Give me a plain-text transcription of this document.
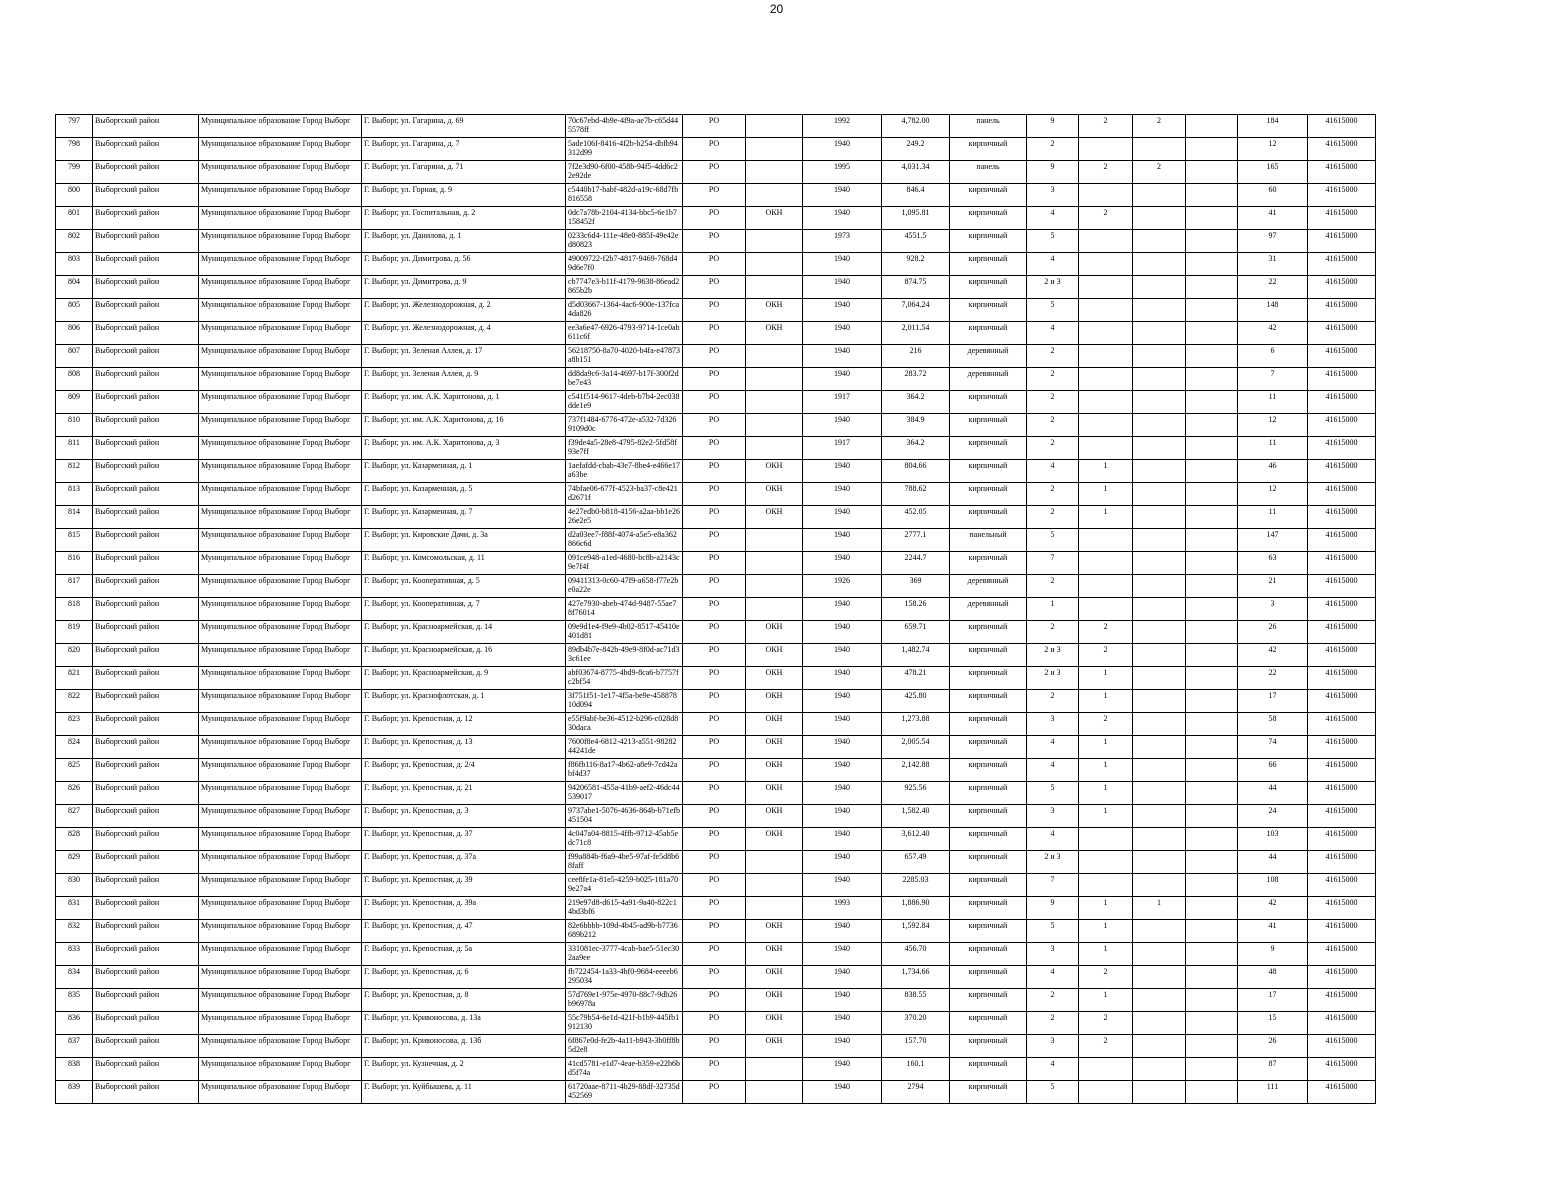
20
797	Выборгский район	Муниципальное образование Город Выборг	Г. Выборг, ул. Гагарина, д. 69	70c67ebd-4b9e-4f9a-ae7b-c65d445578ff	РО		1992	4,782.00	панель	9	2	2		184	41615000
798	Выборгский район	Муниципальное образование Город Выборг	Г. Выборг, ул. Гагарина, д. 7	5ade106f-8416-4f2b-b254-dbfb94312d99	РО		1940	249.2	кирпичный	2				12	41615000
799	Выборгский район	Муниципальное образование Город Выборг	Г. Выборг, ул. Гагарина, д. 71	7f2e3d90-6f00-458b-94f5-4dd6c22e92de	РО		1995	4,031.34	панель	9	2	2		165	41615000
800	Выборгский район	Муниципальное образование Город Выборг	Г. Выборг, ул. Горная, д. 9	c5440b17-babf-482d-a19c-68d7fb816558	РО		1940	846.4	кирпичный	3				60	41615000
801	Выборгский район	Муниципальное образование Город Выборг	Г. Выборг, ул. Госпитальная, д. 2	0dc7a78b-2104-4134-bbc5-6e1b7158452f	РО	ОКН	1940	1,095.81	кирпичный	4	2			41	41615000
802	Выборгский район	Муниципальное образование Город Выборг	Г. Выборг, ул. Данилова, д. 1	0233c6d4-111e-48e0-885f-49e42ed80823	РО		1973	4551.5	кирпичный	5				97	41615000
803	Выборгский район	Муниципальное образование Город Выборг	Г. Выборг, ул. Димитрова, д. 56	49009722-f2b7-4817-9469-768d49d6e7f0	РО		1940	928.2	кирпичный	4				31	41615000
804	Выборгский район	Муниципальное образование Город Выборг	Г. Выборг, ул. Димитрова, д. 9	cb7747e3-b11f-4179-9638-86ead2865b2b	РО		1940	874.75	кирпичный	2 и 3				22	41615000
805	Выборгский район	Муниципальное образование Город Выборг	Г. Выборг, ул. Железнодорожная, д. 2	d5d03667-1364-4ac6-900e-137fca4da826	РО	ОКН	1940	7,064.24	кирпичный	5				148	41615000
806	Выборгский район	Муниципальное образование Город Выборг	Г. Выборг, ул. Железнодорожная, д. 4	ee3a6e47-6926-4793-9714-1ce0ab611c6f	РО	ОКН	1940	2,011.54	кирпичный	4				42	41615000
807	Выборгский район	Муниципальное образование Город Выборг	Г. Выборг, ул. Зеленая Аллея, д. 17	56218750-8a70-4020-b4fa-e47873a8b151	РО		1940	216	деревянный	2				6	41615000
808	Выборгский район	Муниципальное образование Город Выборг	Г. Выборг, ул. Зеленая Аллея, д. 9	dd8da9c6-3a14-4697-b17f-300f2dbe7e43	РО		1940	283.72	деревянный	2				7	41615000
809	Выборгский район	Муниципальное образование Город Выборг	Г. Выборг, ул. им. А.К. Харитонова, д. 1	c541f514-9617-4deb-b7b4-2ec038dde1e9	РО		1917	364.2	кирпичный	2				11	41615000
810	Выборгский район	Муниципальное образование Город Выборг	Г. Выборг, ул. им. А.К. Харитонова, д. 16	737f1484-6776-472e-a532-7d3269109d0c	РО		1940	384.9	кирпичный	2				12	41615000
811	Выборгский район	Муниципальное образование Город Выборг	Г. Выборг, ул. им. А.К. Харитонова, д. 3	f39de4a5-28e8-4795-82e2-5fd58f93e7ff	РО		1917	364.2	кирпичный	2				11	41615000
812	Выборгский район	Муниципальное образование Город Выборг	Г. Выборг, ул. Казарменная, д. 1	1aefafdd-cbab-43e7-8be4-e466e17a63be	РО	ОКН	1940	804.66	кирпичный	4	1			46	41615000
813	Выборгский район	Муниципальное образование Город Выборг	Г. Выборг, ул. Казарменная, д. 5	74bfae06-677f-4523-ba37-c8e421d2671f	РО	ОКН	1940	788.62	кирпичный	2	1			12	41615000
814	Выборгский район	Муниципальное образование Город Выборг	Г. Выборг, ул. Казарменная, д. 7	4e27edb0-b818-4156-a2aa-bb1e2626e2e5	РО	ОКН	1940	452.05	кирпичный	2	1			11	41615000
815	Выборгский район	Муниципальное образование Город Выборг	Г. Выборг, ул. Кировские Дачи, д. 3а	d2a03ee7-f88f-4074-a5e5-e8a362866c6d	РО		1940	2777.1	панельный	5				147	41615000
816	Выборгский район	Муниципальное образование Город Выборг	Г. Выборг, ул. Комсомольская, д. 11	091ce948-a1ed-4680-bc8b-a2143c9e7f4f	РО		1940	2244.7	кирпичный	7				63	41615000
817	Выборгский район	Муниципальное образование Город Выборг	Г. Выборг, ул. Кооперативная, д. 5	09411313-0c60-47f9-a658-f77e2be0a22e	РО		1926	369	деревянный	2				21	41615000
818	Выборгский район	Муниципальное образование Город Выборг	Г. Выборг, ул. Кооперативная, д. 7	427e7930-abeb-474d-9487-55ae78f76014	РО		1940	158.26	деревянный	1				3	41615000
819	Выборгский район	Муниципальное образование Город Выборг	Г. Выборг, ул. Красноармейская, д. 14	09e9d1e4-f9e9-4b02-8517-45410e401d81	РО	ОКН	1940	659.71	кирпичный	2	2			26	41615000
820	Выборгский район	Муниципальное образование Город Выборг	Г. Выборг, ул. Красноармейская, д. 16	89db4b7e-842b-49e9-8f0d-ac71d33c61ee	РО	ОКН	1940	1,482.74	кирпичный	2 и 3	2			42	41615000
821	Выборгский район	Муниципальное образование Город Выборг	Г. Выборг, ул. Красноармейская, д. 9	abf03674-8775-4bd9-8ca6-b7757fc2bf54	РО	ОКН	1940	478.21	кирпичный	2 и 3	1			22	41615000
822	Выборгский район	Муниципальное образование Город Выборг	Г. Выборг, ул. Краснофлотская, д. 1	3f751f51-1e17-4f5a-be9e-45887810d094	РО	ОКН	1940	425.80	кирпичный	2	1			17	41615000
823	Выборгский район	Муниципальное образование Город Выборг	Г. Выборг, ул. Крепостная, д. 12	e55f9abf-be36-4512-b296-c028d830daca	РО	ОКН	1940	1,273.88	кирпичный	3	2			58	41615000
824	Выборгский район	Муниципальное образование Город Выборг	Г. Выборг, ул. Крепостная, д. 13	7600f8e4-6812-4213-a551-9828244241de	РО	ОКН	1940	2,005.54	кирпичный	4	1			74	41615000
825	Выборгский район	Муниципальное образование Город Выборг	Г. Выборг, ул. Крепостная, д. 2/4	f86fb116-8a17-4b62-a8e9-7cd42abf4d37	РО	ОКН	1940	2,142.88	кирпичный	4	1			66	41615000
826	Выборгский район	Муниципальное образование Город Выборг	Г. Выборг, ул. Крепостная, д. 21	94206581-455a-41b9-aef2-46dc44539017	РО	ОКН	1940	925.56	кирпичный	5	1			44	41615000
827	Выборгский район	Муниципальное образование Город Выборг	Г. Выборг, ул. Крепостная, д. 3	9737abe1-5076-4636-864b-b71efb451504	РО	ОКН	1940	1,582.40	кирпичный	3	1			24	41615000
828	Выборгский район	Муниципальное образование Город Выборг	Г. Выборг, ул. Крепостная, д. 37	4c047a04-8815-4ffb-9712-45ab5edc71c8	РО	ОКН	1940	3,612.40	кирпичный	4				103	41615000
829	Выборгский район	Муниципальное образование Город Выборг	Г. Выборг, ул. Крепостная, д. 37а	f99a884b-f6a9-4be5-97af-fe5d8b68faff	РО		1940	657.49	кирпичный	2 и 3				44	41615000
830	Выборгский район	Муниципальное образование Город Выборг	Г. Выборг, ул. Крепостная, д. 39	cee8fe1a-81e5-4259-b025-181a709e27a4	РО		1940	2285.03	кирпичный	7				108	41615000
831	Выборгский район	Муниципальное образование Город Выборг	Г. Выборг, ул. Крепостная, д. 39а	219e97d8-d615-4a91-9a40-822c14bd3bf6	РО		1993	1,886.90	кирпичный	9	1	1		42	41615000
832	Выборгский район	Муниципальное образование Город Выборг	Г. Выборг, ул. Крепостная, д. 47	82e6bbbb-109d-4b45-ad9b-b7736689b212	РО	ОКН	1940	1,592.84	кирпичный	5	1			41	41615000
833	Выборгский район	Муниципальное образование Город Выборг	Г. Выборг, ул. Крепостная, д. 5а	331081ec-3777-4cab-bae5-51ec302aa9ee	РО	ОКН	1940	456.70	кирпичный	3	1			9	41615000
834	Выборгский район	Муниципальное образование Город Выборг	Г. Выборг, ул. Крепостная, д. 6	fb722454-1a33-4bf0-9684-eeeeb6295034	РО	ОКН	1940	1,734.66	кирпичный	4	2			48	41615000
835	Выборгский район	Муниципальное образование Город Выборг	Г. Выборг, ул. Крепостная, д. 8	57d769e1-975e-4970-88c7-9db26b96978a	РО	ОКН	1940	838.55	кирпичный	2	1			17	41615000
836	Выборгский район	Муниципальное образование Город Выборг	Г. Выборг, ул. Кривоносова, д. 13а	55c79b54-6e1d-421f-b1b9-445fb1912130	РО	ОКН	1940	370.20	кирпичный	2	2			15	41615000
837	Выборгский район	Муниципальное образование Город Выборг	Г. Выборг, ул. Кривоносова, д. 13б	6f867e0d-fe2b-4a11-b943-3b0ff8b5d2e8	РО	ОКН	1940	157.70	кирпичный	3	2			26	41615000
838	Выборгский район	Муниципальное образование Город Выборг	Г. Выборг, ул. Кузнечная, д. 2	41cd5781-e1d7-4eae-b359-e22b6bd5f74a	РО		1940	160.1	кирпичный	4				87	41615000
839	Выборгский район	Муниципальное образование Город Выборг	Г. Выборг, ул. Куйбышева, д. 11	61720aae-8711-4b29-88df-32735d452569	РО		1940	2794	кирпичный	5				111	41615000
